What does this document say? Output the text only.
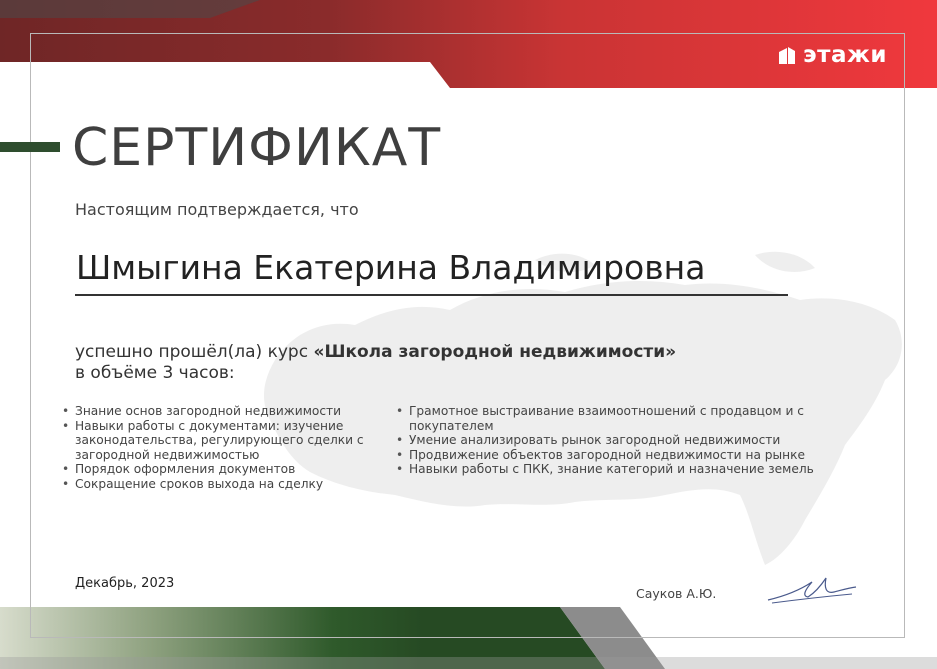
этажи
СЕРТИФИКАТ
Настоящим подтверждается, что
Шмыгина Екатерина Владимировна
успешно прошёл(ла) курс «Школа загородной недвижимости»
в объёме 3 часов:
• Знание основ загородной недвижимости
• Навыки работы с документами: изучение законодательства, регулирующего сделки с загородной недвижимостью
• Порядок оформления документов
• Сокращение сроков выхода на сделку
• Грамотное выстраивание взаимоотношений с продавцом и с покупателем
• Умение анализировать рынок загородной недвижимости
• Продвижение объектов загородной недвижимости на рынке
• Навыки работы с ПКК, знание категорий и назначение земель
Декабрь, 2023
Сауков А.Ю.
